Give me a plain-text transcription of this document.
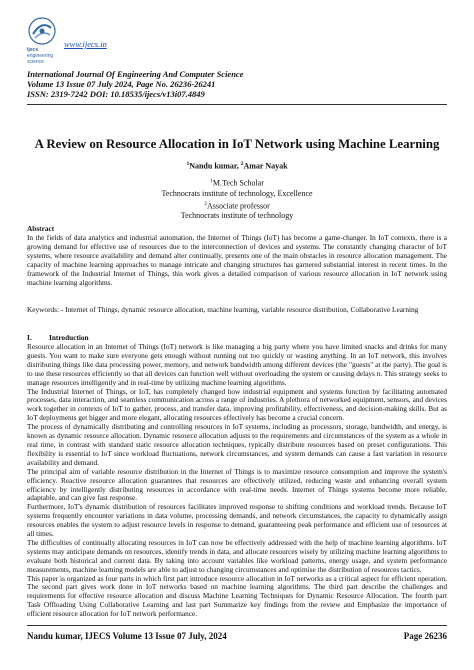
ijecs
engineering science
www.ijecs.in
International Journal Of Engineering And Computer Science
Volume 13 Issue 07 July 2024, Page No. 26236-26241
ISSN: 2319-7242 DOI: 10.18535/ijecs/v13i07.4849
A Review on Resource Allocation in IoT Network using Machine Learning
$^1$Nandu kumar, $^2$Amar Nayak
$^1$M.Tech Scholar
Technocrats institute of technology, Excellence
$^2$Associate professor
Technocrats institute of technology
Abstract
In the fields of data analytics and industrial automation, the Internet of Things (IoT) has become a game-changer. In IoT contexts, there is a growing demand for effective use of resources due to the interconnection of devices and systems. The constantly changing character of IoT systems, where resource availability and demand alter continually, presents one of the main obstacles in resource allocation management. The capacity of machine learning approaches to manage intricate and changing structures has garnered substantial interest in recent times. In the framework of the Industrial Internet of Things, this work gives a detailed comparison of various resource allocation in IoT network using machine learning algorithms.
Keywords: - Internet of Things, dynamic resource allocation, machine learning, variable resource distribution, Collaborative Learning
I. Introduction

Resource allocation in an Internet of Things (IoT) network is like managing a big party where you have limited snacks and drinks for many guests. You want to make sure everyone gets enough without running out too quickly or wasting anything. In an IoT network, this involves distributing things like data processing power, memory, and network bandwidth among different devices (the "guests" at the party). The goal is to use these resources efficiently so that all devices can function well without overloading the system or causing delays n. This strategy seeks to manage resources intelligently and in real-time by utilizing machine learning algorithms.

The Industrial Internet of Things, or IoT, has completely changed how industrial equipment and systems function by facilitating automated processes, data interaction, and seamless communication across a range of industries. A plethora of networked equipment, sensors, and devices work together in contexts of IoT to gather, process, and transfer data, improving profitability, effectiveness, and decision-making skills. But as IoT deployments get bigger and more elegant, allocating resources effectively has become a crucial concern.

The process of dynamically distributing and controlling resources in IoT systems, including as processors, storage, bandwidth, and energy, is known as dynamic resource allocation. Dynamic resource allocation adjusts to the requirements and circumstances of the system as a whole in real time, in contrast with standard static resource allocation techniques, typically distribute resources based on preset configurations. This flexibility is essential to IoT since workload fluctuations, network circumstances, and system demands can cause a fast variation in resource availability and demand.

The principal aim of variable resource distribution in the Internet of Things is to maximize resource consumption and improve the system's efficiency. Reactive resource allocation guarantees that resources are effectively utilized, reducing waste and enhancing overall system efficiency by intelligently distributing resources in accordance with real-time needs. Internet of Things systems become more reliable, adaptable, and can give fast response.

Furthermore, IoT's dynamic distribution of resources facilitates improved response to shifting conditions and workload trends. Because IoT systems frequently encounter variations in data volume, processing demands, and network circumstances, the capacity to dynamically assign resources enables the system to adjust resource levels in response to demand, guaranteeing peak performance and efficient use of resources at all times.

The difficulties of continually allocating resources in IoT can now be effectively addressed with the help of machine learning algorithms. IoT systems may anticipate demands on resources, identify trends in data, and allocate resources wisely by utilizing machine learning algorithms to evaluate both historical and current data. By taking into account variables like workload patterns, energy usage, and system performance measurements, machine learning models are able to adjust to changing circumstances and optimise the distribution of resources tactics.

This paper is organized as four parts in which first part introduce resource allocation in IoT networks as a critical aspect for efficient operation. The second part gives work done in IoT networks based on machine learning algorithms. The third part describe the challenges and requirements for effective resource allocation and discuss Machine Learning Techniques for Dynamic Resource Allocation. The fourth part Task Offloading Using Collaborative Learning and last part Summarize key findings from the review and Emphasize the importance of efficient resource allocation for IoT network performance.

Nandu kumar, IJECS Volume 13 Issue 07 July, 2024	Page 26236
